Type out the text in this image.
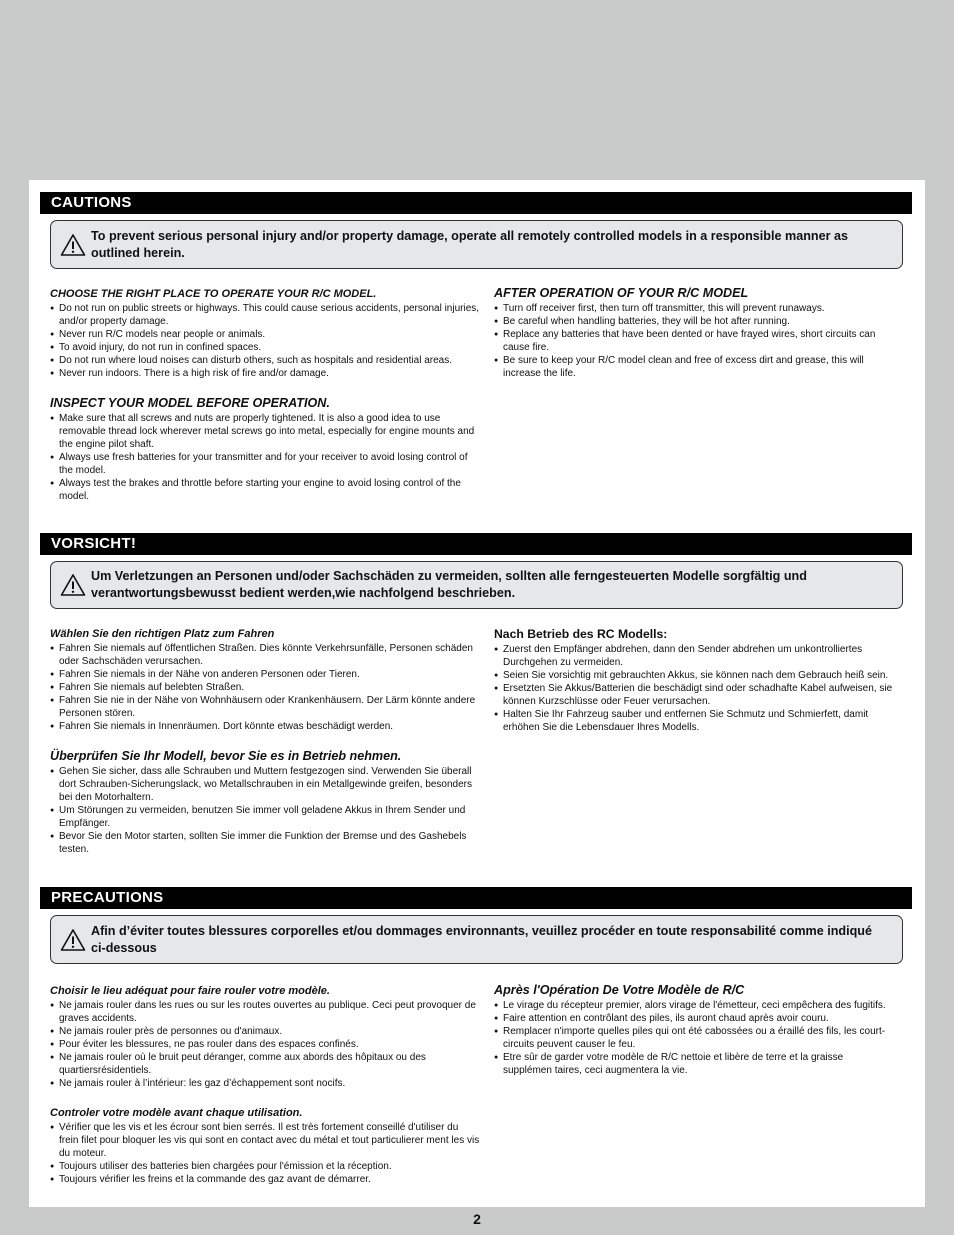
CAUTIONS
To prevent serious personal injury and/or property damage, operate all remotely controlled models in a responsible manner as outlined herein.
CHOOSE THE RIGHT PLACE TO OPERATE YOUR R/C MODEL.
● Do not run on public streets or highways. This could cause serious accidents, personal injuries, and/or property damage.
● Never run R/C models near people or animals.
● To avoid injury, do not run in confined spaces.
● Do not run where loud noises can disturb others, such as hospitals and residential areas.
● Never run indoors. There is a high risk of fire and/or damage.
INSPECT YOUR MODEL BEFORE OPERATION.
● Make sure that all screws and nuts are properly tightened. It is also a good idea to use removable thread lock wherever metal screws go into metal, especially for engine mounts and the engine pilot shaft.
● Always use fresh batteries for your transmitter and for your receiver to avoid losing control of the model.
● Always test the brakes and throttle before starting your engine to avoid losing control of the model.
AFTER OPERATION OF YOUR R/C MODEL
● Turn off receiver first, then turn off transmitter, this will prevent runaways.
● Be careful when handling batteries, they will be hot after running.
● Replace any batteries that have been dented or have frayed wires, short circuits can cause fire.
● Be sure to keep your R/C model clean and free of excess dirt and grease, this will increase the life.
VORSICHT!
Um Verletzungen an Personen und/oder Sachschäden zu vermeiden, sollten alle ferngesteuerten Modelle sorgfältig und verantwortungsbewusst bedient werden,wie nachfolgend beschrieben.
Wählen Sie den richtigen Platz zum Fahren
● Fahren Sie niemals auf öffentlichen Straßen. Dies könnte Verkehrsunfälle, Personen schäden oder Sachschäden verursachen.
● Fahren Sie niemals in der Nähe von anderen Personen oder Tieren.
● Fahren Sie niemals auf belebten Straßen.
● Fahren Sie nie in der Nähe von Wohnhäusern oder Krankenhäusern. Der Lärm könnte andere Personen stören.
● Fahren Sie niemals in Innenräumen. Dort könnte etwas beschädigt werden.
Überprüfen Sie Ihr Modell, bevor Sie es in Betrieb nehmen.
● Gehen Sie sicher, dass alle Schrauben und Muttern festgezogen sind. Verwenden Sie überall dort Schrauben-Sicherungslack, wo Metallschrauben in ein Metallgewinde greifen, besonders bei den Motorhaltern.
● Um Störungen zu vermeiden, benutzen Sie immer voll geladene Akkus in Ihrem Sender und Empfänger.
● Bevor Sie den Motor starten, sollten Sie immer die Funktion der Bremse und des Gashebels testen.
Nach Betrieb des RC Modells:
● Zuerst den Empfänger abdrehen, dann den Sender abdrehen um unkontrolliertes Durchgehen zu vermeiden.
● Seien Sie vorsichtig mit gebrauchten Akkus, sie können nach dem Gebrauch heiß sein.
● Ersetzten Sie Akkus/Batterien die beschädigt sind oder schadhafte Kabel aufweisen, sie können Kurzschlüsse oder Feuer verursachen.
● Halten Sie Ihr Fahrzeug sauber und entfernen Sie Schmutz und Schmierfett, damit erhöhen Sie die Lebensdauer Ihres Modells.
PRECAUTIONS
Afin d’éviter toutes blessures corporelles et/ou dommages environnants, veuillez procéder en toute responsabilité comme indiqué ci-dessous
Choisir le lieu adéquat pour faire rouler votre modèle.
● Ne jamais rouler dans les rues ou sur les routes ouvertes au publique. Ceci peut provoquer de graves accidents.
● Ne jamais rouler près de personnes ou d'animaux.
● Pour éviter les blessures, ne pas rouler dans des espaces confinés.
● Ne jamais rouler où le bruit peut déranger, comme aux abords des hôpitaux ou des quartiersrésidentiels.
● Ne jamais rouler à l’intérieur: les gaz d’échappement sont nocifs.
Controler votre modèle avant chaque utilisation.
● Vérifier que les vis et les écrour sont bien serrés. Il est très fortement conseillé d'utiliser du frein filet pour bloquer les vis qui sont en contact avec du métal et tout particulierer ment les vis du moteur.
● Toujours utiliser des batteries bien chargées pour l'émission et la réception.
● Toujours vérifier les freins et la commande des gaz avant de démarrer.
Après l'Opération De Votre Modèle de R/C
● Le virage du récepteur premier, alors virage de l'émetteur, ceci empêchera des fugitifs.
● Faire attention en contrôlant des piles, ils auront chaud après avoir couru.
● Remplacer n'importe quelles piles qui ont été cabossées ou a éraillé des fils, les court-circuits peuvent causer le feu.
● Etre sûr de garder votre modèle de R/C nettoie et libère de terre et la graisse supplémen taires, ceci augmentera la vie.
2
